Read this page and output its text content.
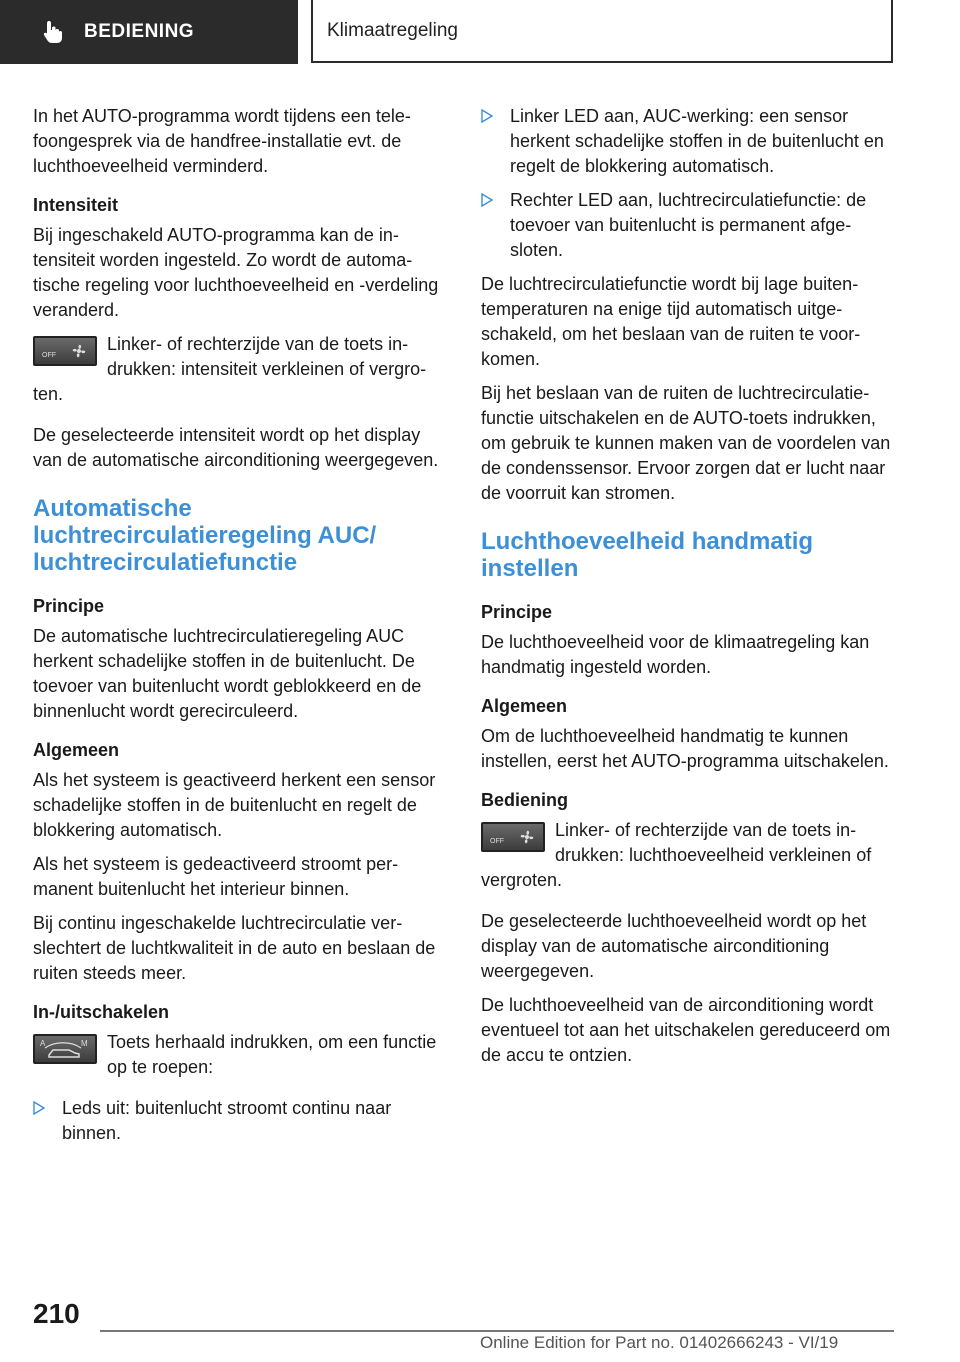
BEDIENING	Klimaatregeling

In het AUTO-programma wordt tijdens een telefoongesprek via de handfree-installatie evt. de luchthoeveelheid verminderd.

Intensiteit

Bij ingeschakeld AUTO-programma kan de intensiteit worden ingesteld. Zo wordt de automatische regeling voor luchthoeveelheid en -verdeling veranderd.

OFF
Linker- of rechterzijde van de toets indrukken: intensiteit verkleinen of vergroten.

De geselecteerde intensiteit wordt op het display van de automatische airconditioning weergegeven.

Automatische luchtrecirculatieregeling AUC/ luchtrecirculatiefunctie
Principe

De automatische luchtrecirculatieregeling AUC herkent schadelijke stoffen in de buitenlucht. De toevoer van buitenlucht wordt geblokkeerd en de binnenlucht wordt gerecirculeerd.

Algemeen

Als het systeem is geactiveerd herkent een sensor schadelijke stoffen in de buitenlucht en regelt de blokkering automatisch.

Als het systeem is gedeactiveerd stroomt permanent buitenlucht het interieur binnen.

Bij continu ingeschakelde luchtrecirculatie verslechtert de luchtkwaliteit in de auto en beslaan de ruiten steeds meer.

In-/uitschakelen
A	M Toets herhaald indrukken, om een functie op te roepen:
Leds uit: buitenlucht stroomt continu naar binnen.
Linker LED aan, AUC-werking: een sensor herkent schadelijke stoffen in de buitenlucht en regelt de blokkering automatisch.
Rechter LED aan, luchtrecirculatiefunctie: de toevoer van buitenlucht is permanent afgesloten.

De luchtrecirculatiefunctie wordt bij lage buitentemperaturen na enige tijd automatisch uitgeschakeld, om het beslaan van de ruiten te voorkomen.

Bij het beslaan van de ruiten de luchtrecirculatiefunctie uitschakelen en de AUTO-toets indrukken, om gebruik te kunnen maken van de voordelen van de condenssensor. Ervoor zorgen dat er lucht naar de voorruit kan stromen.

Luchthoeveelheid handmatig instellen
Principe

De luchthoeveelheid voor de klimaatregeling kan handmatig ingesteld worden.

Algemeen

Om de luchthoeveelheid handmatig te kunnen instellen, eerst het AUTO-programma uitschakelen.

Bediening
OFF
Linker- of rechterzijde van de toets indrukken: luchthoeveelheid verkleinen of vergroten.

De geselecteerde luchthoeveelheid wordt op het display van de automatische airconditioning weergegeven.

De luchthoeveelheid van de airconditioning wordt eventueel tot aan het uitschakelen gereduceerd om de accu te ontzien.

210
Online Edition for Part no. 01402666243 - VI/19
